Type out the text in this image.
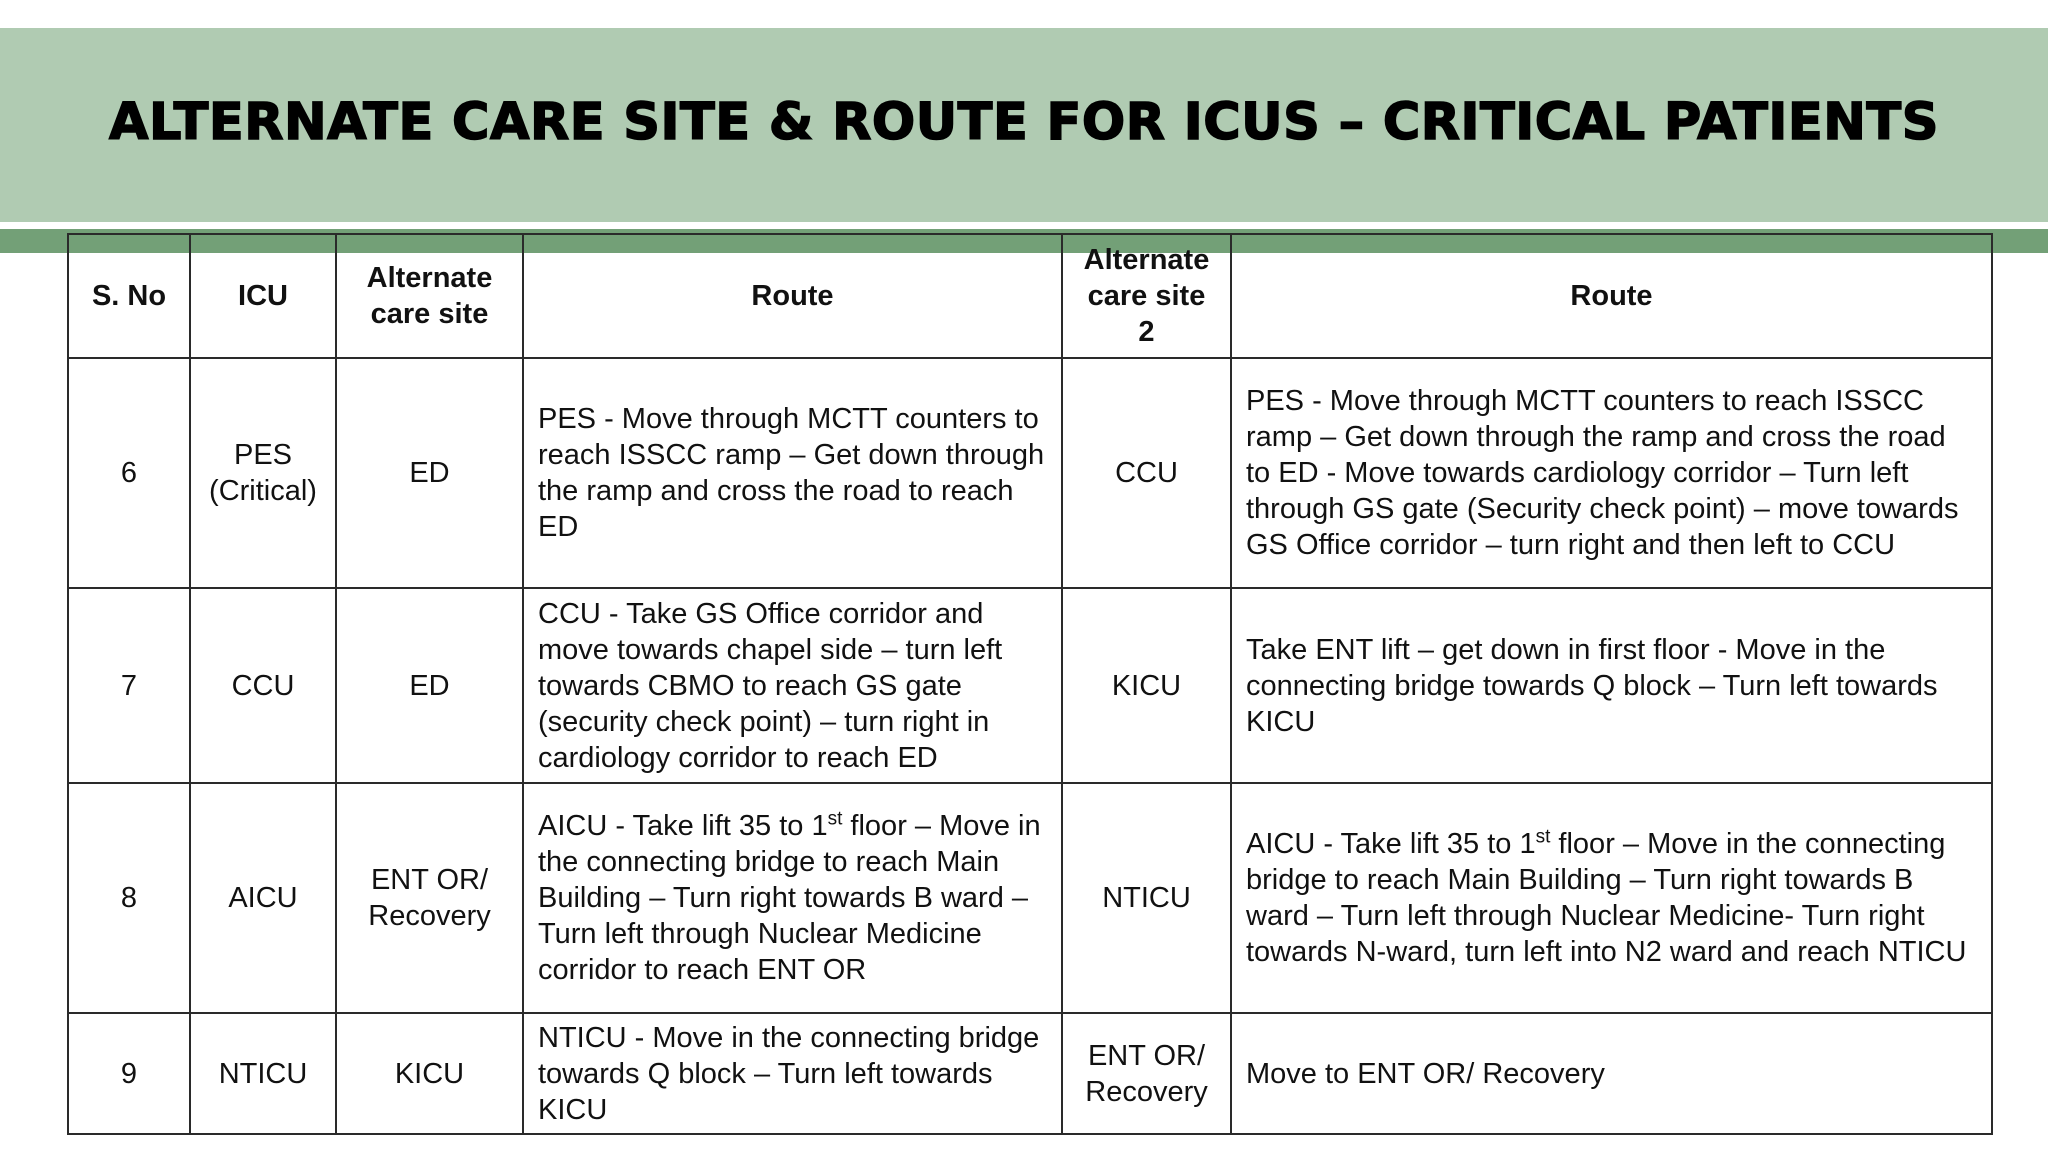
ALTERNATE CARE SITE & ROUTE FOR ICUS – CRITICAL PATIENTS
S. No	ICU	Alternate care site	Route	Alternate care site 2	Route
6	PES (Critical)	ED	PES - Move through MCTT counters to reach ISSCC ramp – Get down through the ramp and cross the road to reach ED	CCU	PES - Move through MCTT counters to reach ISSCC ramp – Get down through the ramp and cross the road to ED - Move towards cardiology corridor – Turn left through GS gate (Security check point) – move towards GS Office corridor – turn right and then left to CCU
7	CCU	ED	CCU - Take GS Office corridor and move towards chapel side – turn left towards CBMO to reach GS gate (security check point) – turn right in cardiology corridor to reach ED	KICU	Take ENT lift – get down in first floor - Move in the connecting bridge towards Q block – Turn left towards KICU
8	AICU	ENT OR/ Recovery	AICU - Take lift 35 to 1st floor – Move in the connecting bridge to reach Main Building – Turn right towards B ward – Turn left through Nuclear Medicine corridor to reach ENT OR	NTICU	AICU - Take lift 35 to 1st floor – Move in the connecting bridge to reach Main Building – Turn right towards B ward – Turn left through Nuclear Medicine- Turn right towards N-ward, turn left into N2 ward and reach NTICU
9	NTICU	KICU	NTICU - Move in the connecting bridge towards Q block – Turn left towards KICU	ENT OR/ Recovery	Move to ENT OR/ Recovery
